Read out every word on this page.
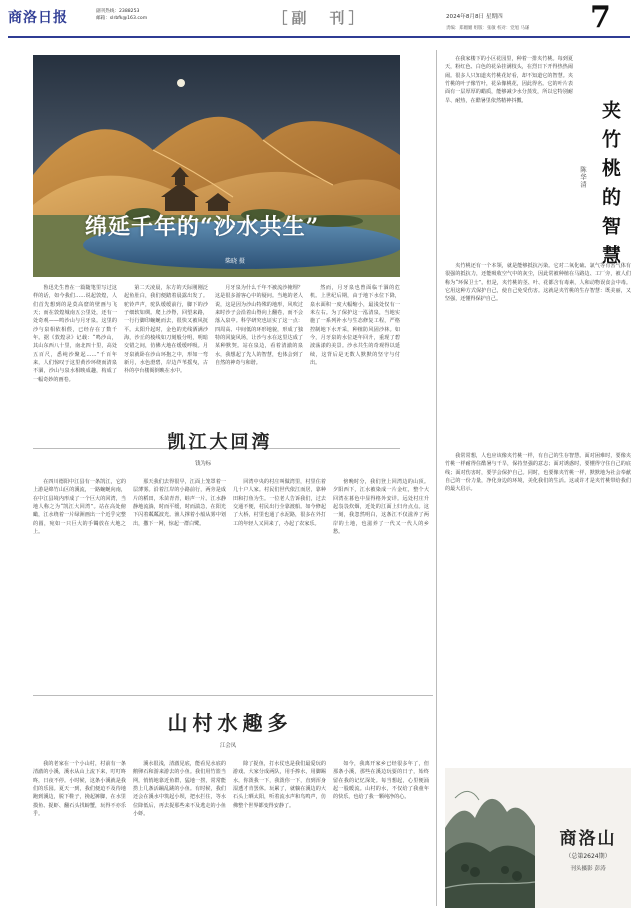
商洛日报	副刊热线：2388253
邮箱：slrbfk@163.com	［副　刊］	2024年8月8日 星期四	7
责编：郑媚媚 组版：张敏 校对：党旭 马谦
绵延千年的“沙水共生”
柴晓 摄

鲁迅先生曾在一篇随笔里写过这样的话，如今我们……说起敦煌，人们首先想到的是莫高窟的壁画与飞天；而在敦煌城南五公里处，还有一处奇观——鸣沙山与月牙泉。这里的沙与泉相依相偎，已经存在了数千年。据《敦煌录》记载：“鸣沙山，其山东西八十里，南北四十里，高处五百尺，悉纯沙聚起……”千百年来，人们惊叹于这里黄沙环绕而清泉不涸，沙山与泉水相映成趣，构成了一幅奇妙的画卷。

第二天凌晨，东方的天际刚刚泛起鱼肚白，我们便踏着晨露出发了。驼铃声声，驼队缓缓前行，脚下的沙子细软如绸。爬上沙脊，回望来路，一行行脚印蜿蜒而去，很快又被风抚平。太阳升起时，金色的光线洒满沙海，沙丘的棱线如刀刻般分明，明暗交错之间，仿佛大地在缓缓呼吸。月牙泉就卧在沙山环抱之中，形如一弯新月，水色澄碧，岸边芦苇摇曳，古朴的亭台楼阁倒映在水中。

月牙泉为什么千年不被流沙掩埋？这是很多游客心中的疑问。当地的老人说，这是因为沙山特殊的地形，风吹过来时沙子会沿着山脊向上翻卷，而不会落入泉中。科学研究也证实了这一点：四周高、中间低的环形地貌，形成了独特的回旋风场，让沙与水在这里达成了某种默契。站在泉边，看着清澈的泉水，我想起了先人的智慧，也体会到了自然的神奇与和谐。

然而，月牙泉也曾面临干涸的危机。上世纪后期，由于地下水位下降，泉水面积一度大幅缩小，最浅处仅有一米左右。为了保护这一泓清泉，当地实施了一系列补水与生态修复工程，严格控制地下水开采，种植防风固沙林。如今，月牙泉的水位逐年回升，重现了碧波荡漾的美景。沙水共生的奇观得以延续，这背后是无数人默默的坚守与付出。

在我家楼下的小区花园里，种着一排夹竹桃。每到夏天，粉红色、白色的花朵挂满枝头，在烈日下开得热热闹闹。很多人只知道夹竹桃花好看，却不知道它的智慧。夹竹桃的叶子像竹叶，花朵像桃花，因此得名。它的叶片表面有一层厚厚的蜡质，能够减少水分蒸发，所以它特别耐旱、耐热，在酷暑里依然精神抖擞。	夹竹桃的智慧
陈华清

夹竹桃还有一个本领，就是能够抵抗污染。它对二氧化硫、氯气等有害气体有很强的抵抗力，还能吸收空气中的灰尘，因此常被种植在马路边、工厂旁，被人们称为“环保卫士”。但是，夹竹桃的茎、叶、花都含有毒素，人和动物误食会中毒。它用这种方式保护自己，使自己免受伤害。这就是夹竹桃的生存智慧：既美丽，又坚强，还懂得保护自己。

我常常想，人也应该像夹竹桃一样，有自己的生存智慧。面对困难时，要像夹竹桃一样耐得住酷暑与干旱，保持坚强的意志；面对诱惑时，要懂得守住自己的底线；面对伤害时，要学会保护自己。同时，也要像夹竹桃一样，默默地为社会奉献自己的一份力量，净化身边的环境，美化我们的生活。这或许才是夹竹桃带给我们的最大启示。

凯江大回湾
钱为标

在四川德阳中江县有一条凯江，它的上游是绵竹山区的溪流，一路蜿蜒向南，在中江县境内形成了一个巨大的回湾，当地人称之为“凯江大回湾”。站在高处俯瞰，江水绕着一片绿洲画出一个近乎完整的圆，宛如一只巨大的手镯放在大地之上。

那天我们去得很早，江面上笼罩着一层薄雾。沿着江岸的小路前行，两旁是成片的稻田，禾苗青青，蛙声一片。江水静静地流淌，时而平缓，时而湍急，在阳光下闪着粼粼波光。渔人撑着小船从雾中划出，撒下一网，惊起一群白鹭。

回湾中央的村庄叫做湾里，村里住着几十户人家。村民们世代依江而居，靠种田和打鱼为生。一位老人告诉我们，过去交通不便，村民出行全靠渡船。如今修起了大桥，村里也通了水泥路，很多在外打工的年轻人又回来了，办起了农家乐。

傍晚时分，我们登上回湾边的山顶。夕阳西下，江水被染成一片金红，整个大回湾在暮色中显得格外安详。远处村庄升起袅袅炊烟，近处的江面上归舟点点。这一刻，我忽然明白，这条江不仅滋养了两岸的土地，也滋养了一代又一代人的乡愁。

山村水趣多
江会凤

我的老家在一个小山村，村前有一条清澈的小溪，溪水从山上流下来，叮叮咚咚，日夜不停。小时候，这条小溪就是我们的乐园。夏天一到，我们便迫不及待地跑到溪边，脱下鞋子，挽起裤脚，在水里摸鱼、捉虾、翻石头找螃蟹，玩得不亦乐乎。

溪水很浅，清澈见底，能看见水底的鹅卵石和游来游去的小鱼。我们用竹篮当网，悄悄地靠近鱼群，猛地一捞，常常能捞上几条活蹦乱跳的小鱼。有时候，我们还会在溪水中筑起小坝，把水拦住，等水位降低后，再去捉那些来不及逃走的小鱼小虾。

除了捉鱼，打水仗也是我们最爱玩的游戏。大家分成两队，用手捧水，用脚踢水，你泼我一下，我泼你一下，直到浑身湿透才肯罢休。玩累了，就躺在溪边的大石头上晒太阳，听着流水声和鸟鸣声，仿佛整个世界都变得安静了。

如今，我离开家乡已经很多年了，但那条小溪，那些在溪边玩耍的日子，始终留在我的记忆深处。每当想起，心里便涌起一股暖流。山村的水，不仅给了我童年的快乐，也给了我一颗纯净的心。

商洛山
（总第2624期）
刊头摄影 彭涛
